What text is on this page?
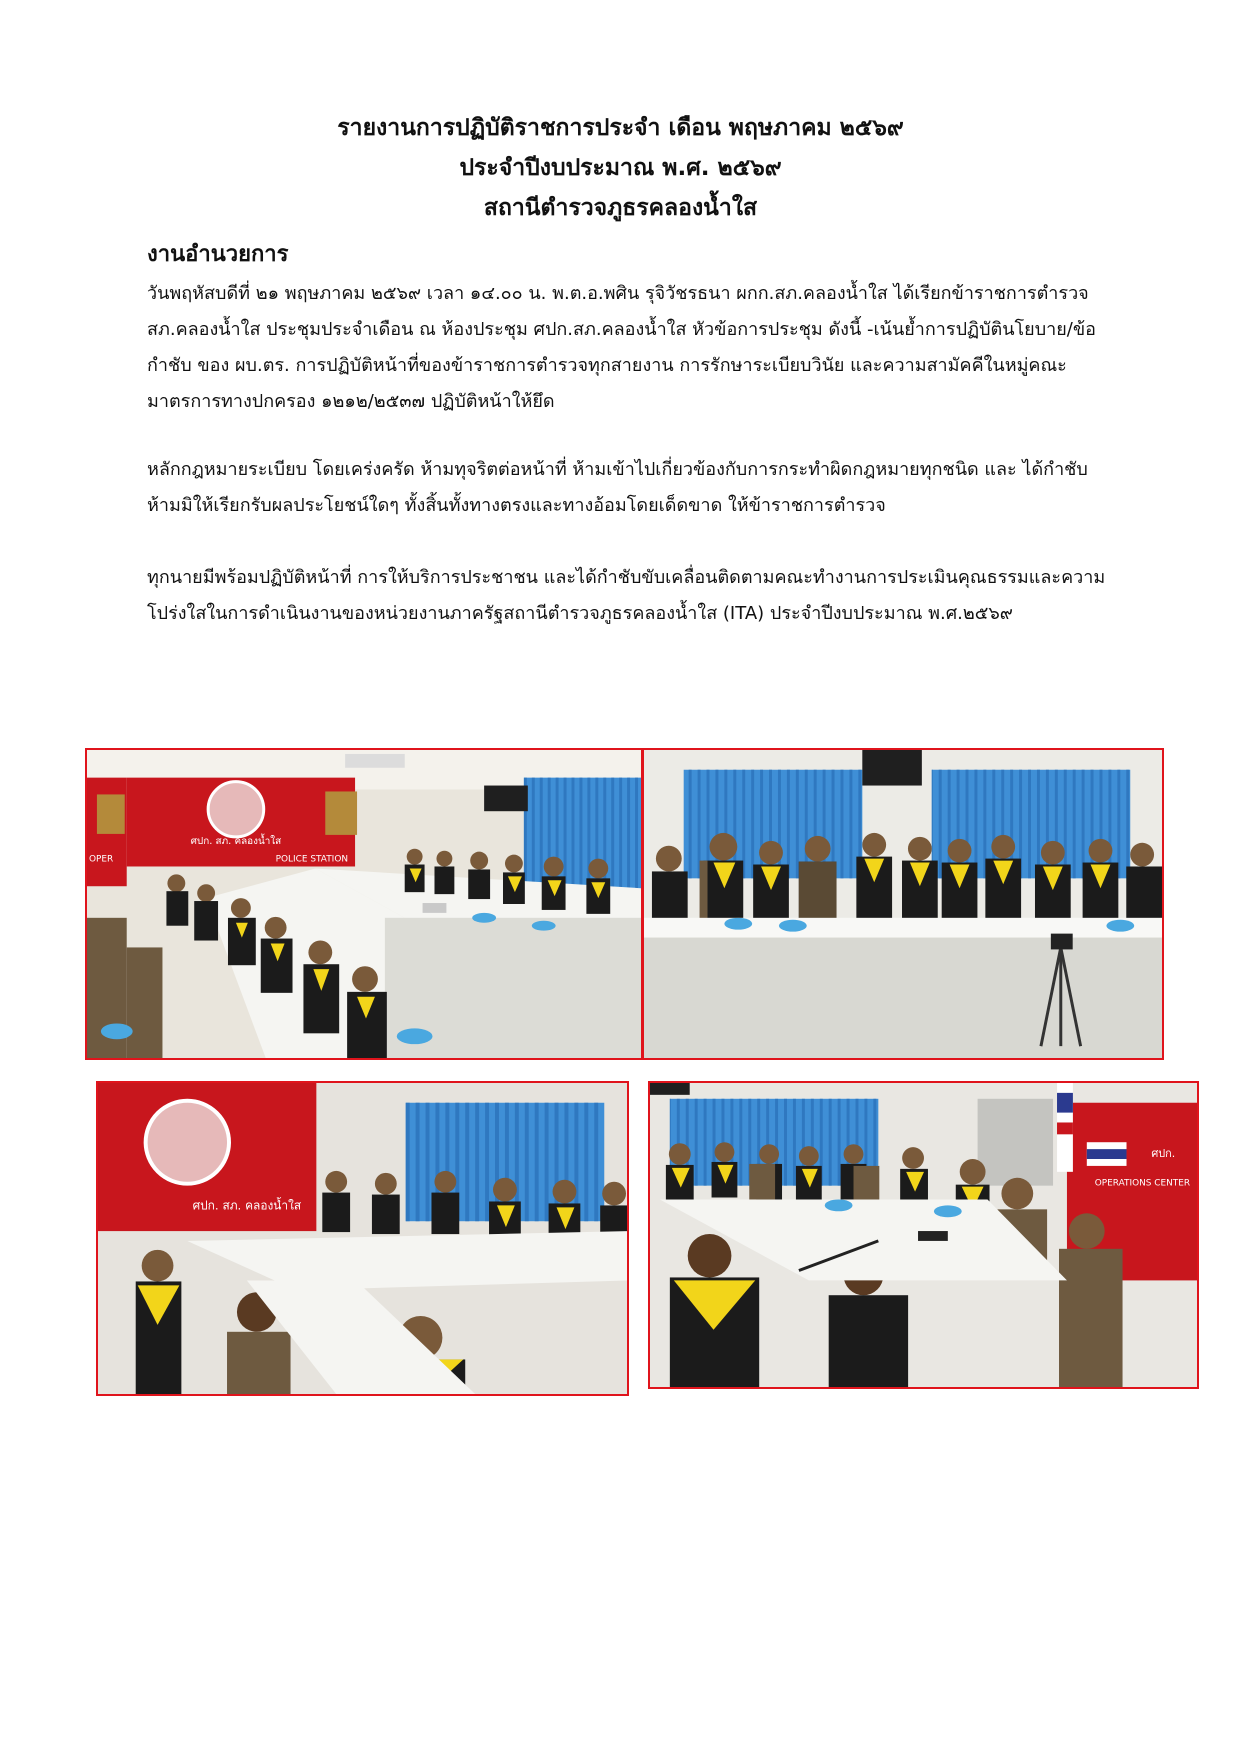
รายงานการปฏิบัติราชการประจำ เดือน พฤษภาคม ๒๕๖๙

ประจำปีงบประมาณ พ.ศ. ๒๕๖๙

สถานีตำรวจภูธรคลองน้ำใส

งานอำนวยการ

วันพฤหัสบดีที่ ๒๑ พฤษภาคม ๒๕๖๙ เวลา ๑๔.๐๐ น. พ.ต.อ.พศิน รุจิวัชรธนา ผกก.สภ.คลองน้ำใส ได้เรียกข้าราชการตำรวจ สภ.คลองน้ำใส ประชุมประจำเดือน ณ ห้องประชุม ศปก.สภ.คลองน้ำใส หัวข้อการประชุม ดังนี้ -เน้นย้ำการปฏิบัตินโยบาย/ข้อกำชับ ของ ผบ.ตร. การปฏิบัติหน้าที่ของข้าราชการตำรวจทุกสายงาน การรักษาระเบียบวินัย และความสามัคคีในหมู่คณะมาตรการทางปกครอง ๑๒๑๒/๒๕๓๗ ปฏิบัติหน้าให้ยึด

หลักกฎหมายระเบียบ โดยเคร่งครัด ห้ามทุจริตต่อหน้าที่ ห้ามเข้าไปเกี่ยวข้องกับการกระทำผิดกฎหมายทุกชนิด และ ได้กำชับห้ามมิให้เรียกรับผลประโยชน์ใดๆ ทั้งสิ้นทั้งทางตรงและทางอ้อมโดยเด็ดขาด ให้ข้าราชการตำรวจ

ทุกนายมีพร้อมปฏิบัติหน้าที่ การให้บริการประชาชน และได้กำชับขับเคลื่อนติดตามคณะทำงานการประเมินคุณธรรมและความโปร่งใสในการดำเนินงานของหน่วยงานภาครัฐสถานีตำรวจภูธรคลองน้ำใส (ITA) ประจำปีงบประมาณ พ.ศ.๒๕๖๙

ศปก. สภ. คลองน้ำใส
POLICE STATION
OPER
ศปก. สภ. คลองน้ำใส
ศปก.
OPERATIONS CENTER
